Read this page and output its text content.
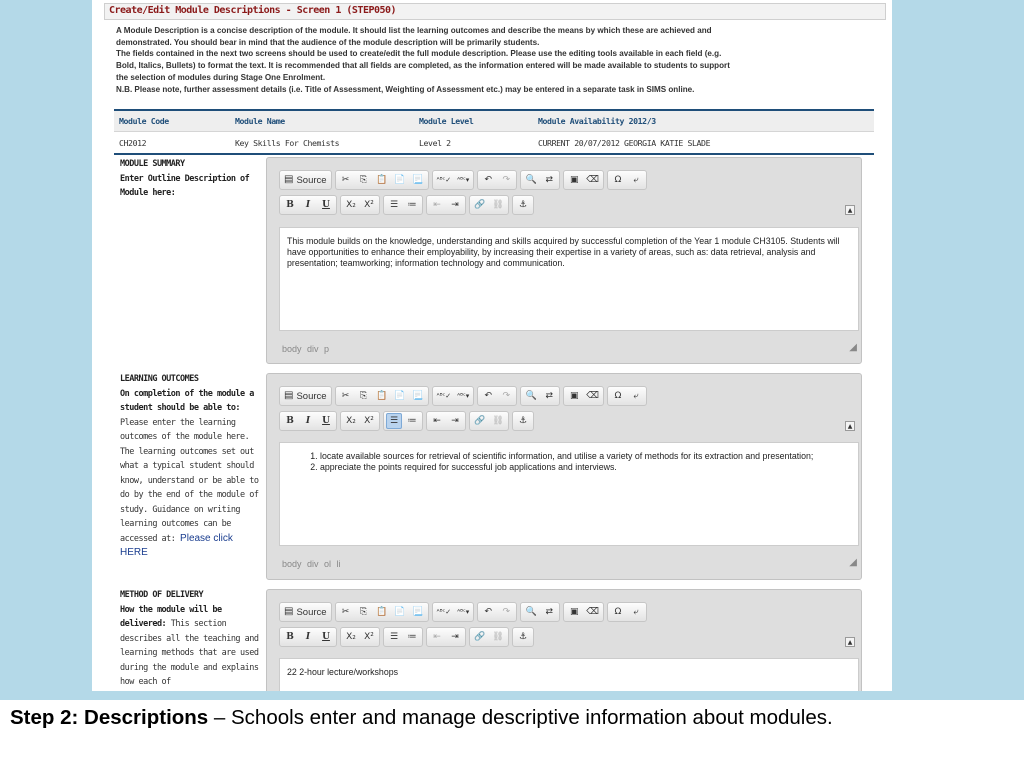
Create/Edit Module Descriptions - Screen 1 (STEP050)
A Module Description is a concise description of the module. It should list the learning outcomes and describe the means by which these are achieved and
demonstrated. You should bear in mind that the audience of the module description will be primarily students.
The fields contained in the next two screens should be used to create/edit the full module description. Please use the editing tools available in each field (e.g.
Bold, Italics, Bullets) to format the text. It is recommended that all fields are completed, as the information entered will be made available to students to support
the selection of modules during Stage One Enrolment.
N.B. Please note, further assessment details (i.e. Title of Assessment, Weighting of Assessment etc.) may be entered in a separate task in SIMS online.
Module Code	Module Name	Module Level	Module Availability 2012/3
CH2012	Key Skills For Chemists	Level 2	CURRENT 20/07/2012 GEORGIA KATIE SLADE
MODULE SUMMARY
Enter Outline Description of Module here:
▤ Source	✂	⎘ 📋 📄 📃	ᴬᴮᶜ✓ ᴬᴮᶜ▾	↶	↷	🔍 ⇄	▣ ⌫	Ω	⤶
B	I	U	X₂ X²	☰	≔	⇤	⇥	🔗 ⛓	⚓	▲

This module builds on the knowledge, understanding and skills acquired by successful completion of the Year 1 module CH3105. Students will have opportunities to enhance their employability, by increasing their expertise in a variety of areas, such as: data retrieval, analysis and presentation; teamworking; information technology and communication.

body div p	◢
LEARNING OUTCOMES
On completion of the module a student should be able to: Please enter the learning outcomes of the module here. The learning outcomes set out what a typical student should know, understand or be able to do by the end of the module of study. Guidance on writing learning outcomes can be accessed at: Please click HERE
▤ Source	✂	⎘ 📋 📄 📃	ᴬᴮᶜ✓ ᴬᴮᶜ▾	↶	↷	🔍 ⇄	▣ ⌫	Ω	⤶
B	I	U	X₂ X²	☰	≔	⇤	⇥	🔗 ⛓	⚓	▲
1. locate available sources for retrieval of scientific information, and utilise a variety of methods for its extraction and presentation;
2. appreciate the points required for successful job applications and interviews.
body div ol li	◢
METHOD OF DELIVERY
How the module will be delivered: This section describes all the teaching and learning methods that are used during the module and explains how each of
▤ Source	✂	⎘ 📋 📄 📃	ᴬᴮᶜ✓ ᴬᴮᶜ▾	↶	↷	🔍 ⇄	▣ ⌫	Ω	⤶
B	I	U	X₂ X²	☰	≔	⇤	⇥	🔗 ⛓	⚓	▲

22 2-hour lecture/workshops

Step 2: Descriptions – Schools enter and manage descriptive information about modules.
